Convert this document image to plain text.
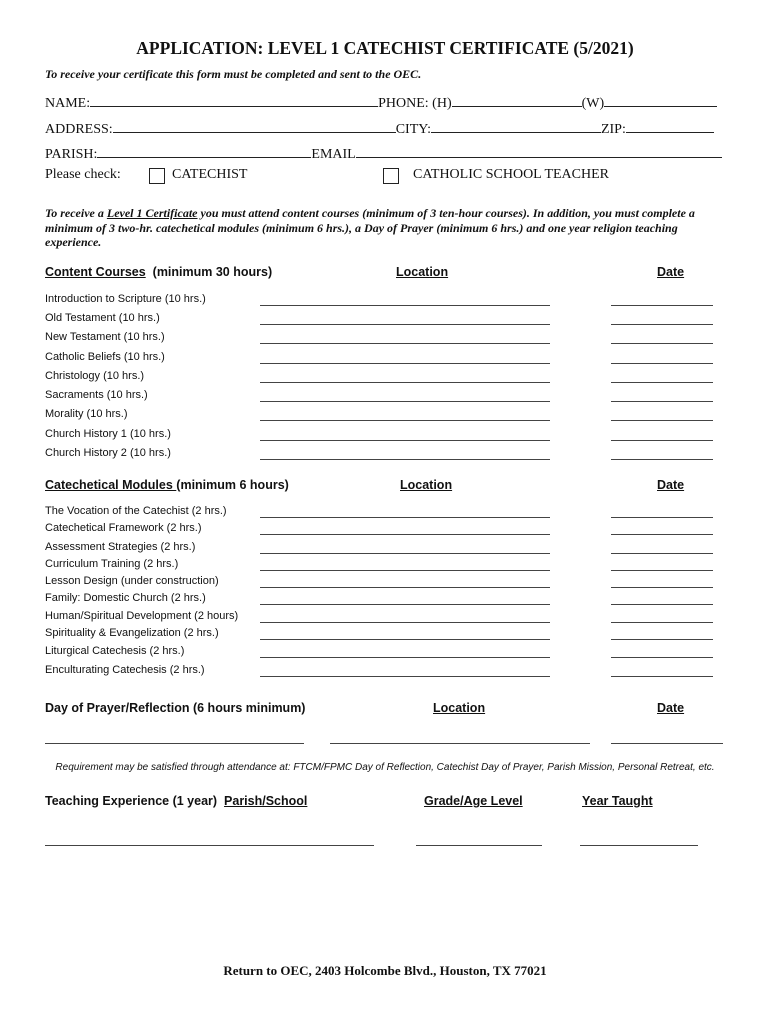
APPLICATION: LEVEL 1 CATECHIST CERTIFICATE (5/2021)
To receive your certificate this form must be completed and sent to the OEC.
NAME:	PHONE: (H)	(W)
ADDRESS:	CITY:	ZIP:
PARISH:	EMAIL
Please check:	CATECHIST	CATHOLIC SCHOOL TEACHER
To receive a Level 1 Certificate you must attend content courses (minimum of 3 ten-hour courses). In addition, you must complete a minimum of 3 two-hr. catechetical modules (minimum 6 hrs.), a Day of Prayer (minimum 6 hrs.) and one year religion teaching experience.
Content Courses (minimum 30 hours)	Location	Date
Introduction to Scripture (10 hrs.)
Old Testament (10 hrs.)
New Testament (10 hrs.)
Catholic Beliefs (10 hrs.)
Christology (10 hrs.)
Sacraments (10 hrs.)
Morality (10 hrs.)
Church History 1 (10 hrs.)
Church History 2 (10 hrs.)
Catechetical Modules (minimum 6 hours)	Location	Date
The Vocation of the Catechist (2 hrs.)
Catechetical Framework (2 hrs.)
Assessment Strategies (2 hrs.)
Curriculum Training (2 hrs.)
Lesson Design (under construction)
Family: Domestic Church (2 hrs.)
Human/Spiritual Development (2 hours)
Spirituality & Evangelization (2 hrs.)
Liturgical Catechesis (2 hrs.)
Enculturating Catechesis (2 hrs.)
Day of Prayer/Reflection (6 hours minimum)	Location	Date
Requirement may be satisfied through attendance at: FTCM/FPMC Day of Reflection, Catechist Day of Prayer, Parish Mission, Personal Retreat, etc.
Teaching Experience (1 year) Parish/School	Grade/Age Level	Year Taught
Return to OEC, 2403 Holcombe Blvd., Houston, TX 77021
